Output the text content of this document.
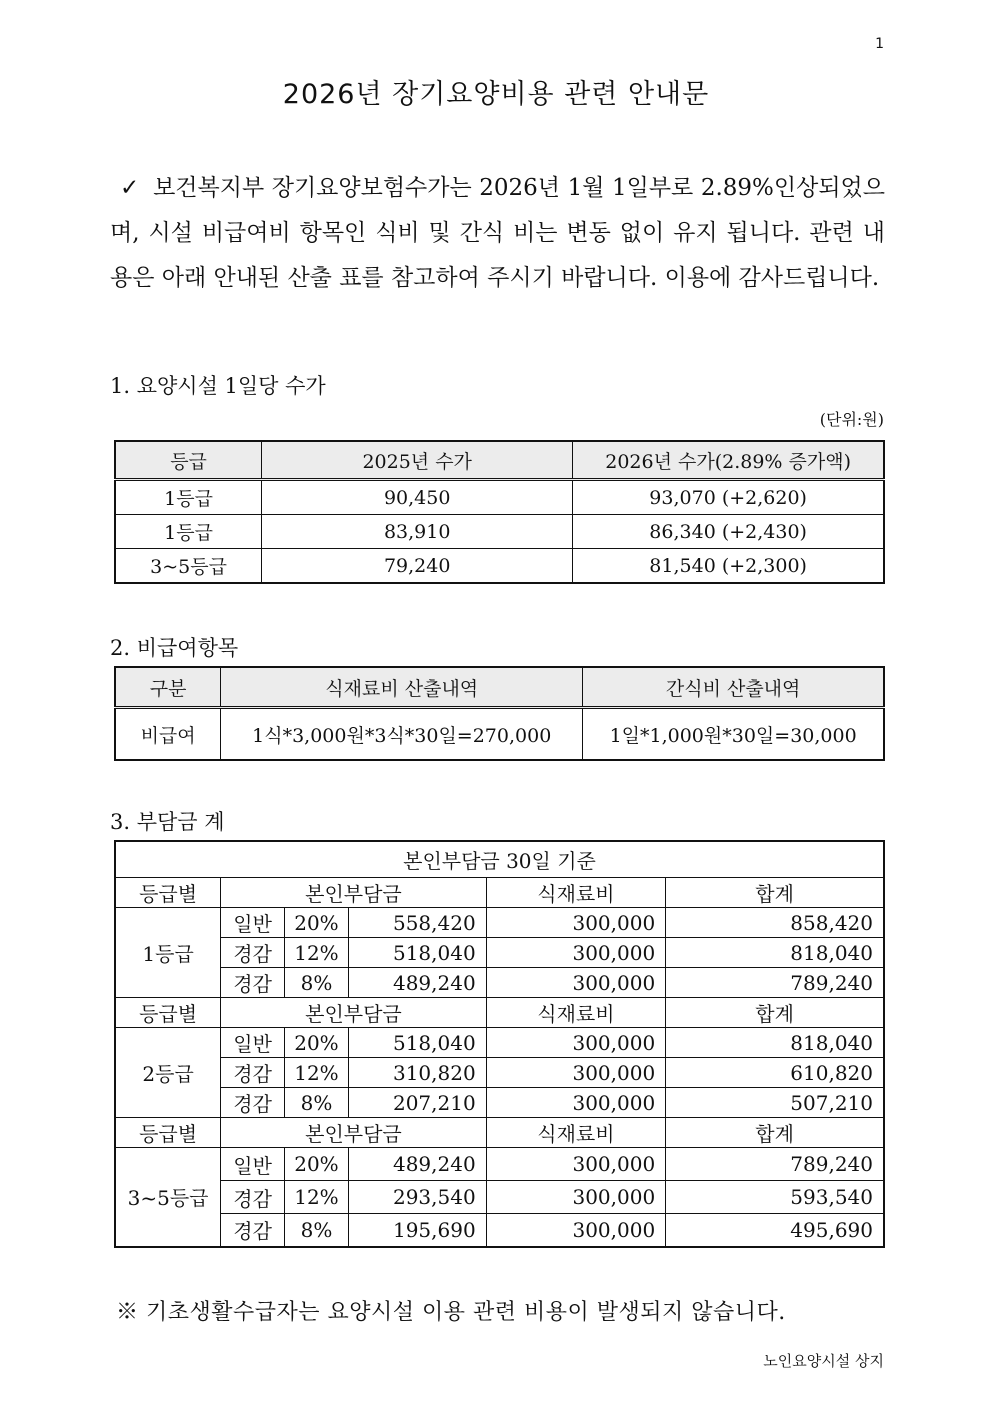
1
2026년 장기요양비용 관련 안내문
✓ 보건복지부 장기요양보험수가는 2026년 1월 1일부로 2.89%인상되었으며, 시설 비급여비 항목인 식비 및 간식 비는 변동 없이 유지 됩니다. 관련 내용은 아래 안내된 산출 표를 참고하여 주시기 바랍니다. 이용에 감사드립니다.
1. 요양시설 1일당 수가
(단위:원)
등급	2025년 수가	2026년 수가(2.89% 증가액)
1등급	90,450	93,070 (+2,620)
1등급	83,910	86,340 (+2,430)
3~5등급	79,240	81,540 (+2,300)
2. 비급여항목
구분	식재료비 산출내역	간식비 산출내역
비급여	1식*3,000원*3식*30일=270,000	1일*1,000원*30일=30,000
3. 부담금 계
본인부담금 30일 기준					
등급별	본인부담금			식재료비	합계
1등급	일반	20%	558,420	300,000	858,420
	경감	12%	518,040	300,000	818,040
	경감	8%	489,240	300,000	789,240
등급별	본인부담금			식재료비	합계
2등급	일반	20%	518,040	300,000	818,040
	경감	12%	310,820	300,000	610,820
	경감	8%	207,210	300,000	507,210
등급별	본인부담금			식재료비	합계
3~5등급	일반	20%	489,240	300,000	789,240
	경감	12%	293,540	300,000	593,540
	경감	8%	195,690	300,000	495,690
※ 기초생활수급자는 요양시설 이용 관련 비용이 발생되지 않습니다.
노인요양시설 상지
